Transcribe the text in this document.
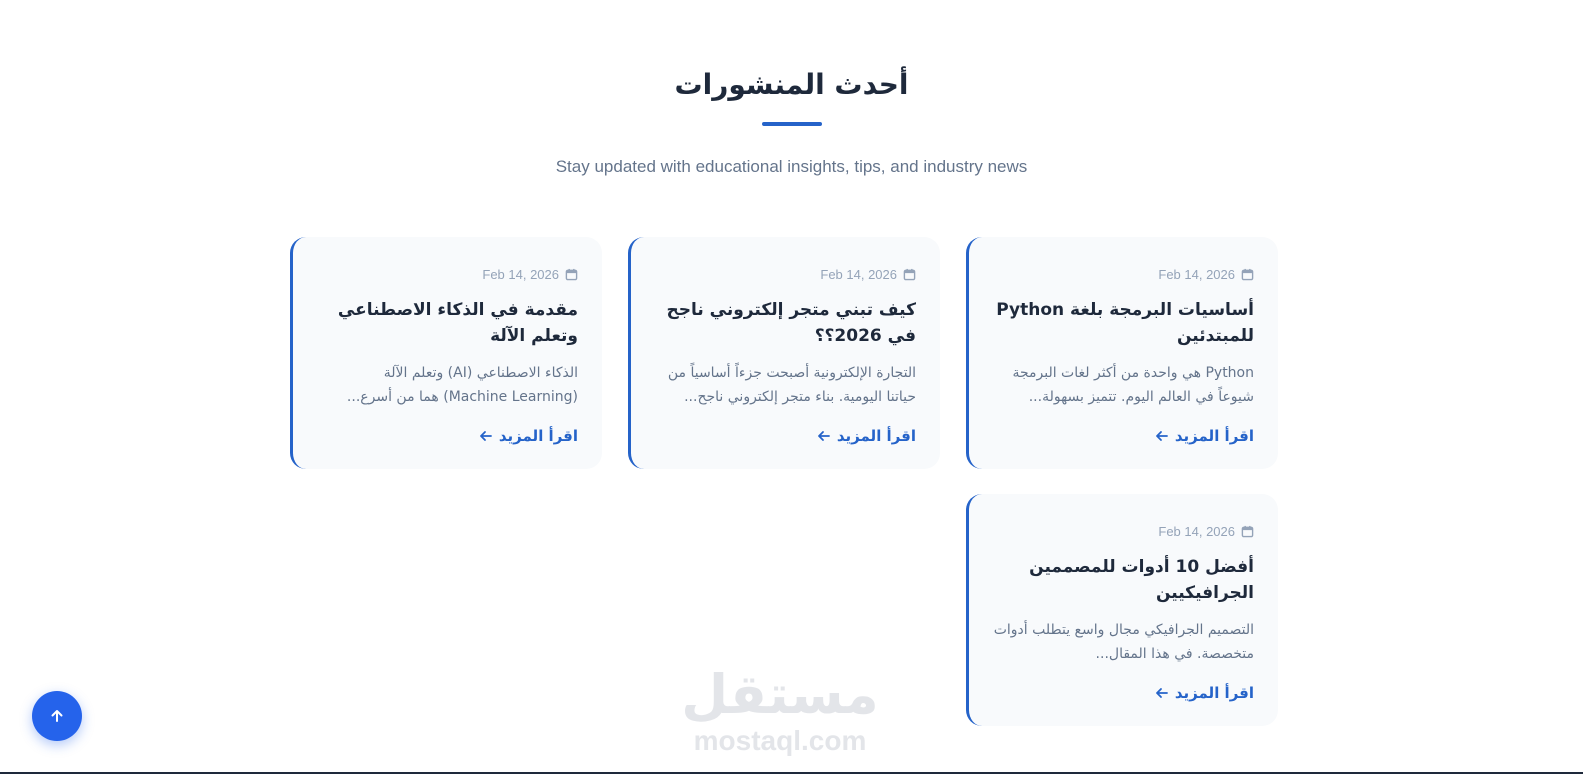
أحدث المنشورات
Stay updated with educational insights, tips, and industry news
Feb 14, 2026
أساسيات البرمجة بلغة Python للمبتدئين
Python هي واحدة من أكثر لغات البرمجة شيوعاً في العالم اليوم. تتميز بسهولة...
اقرأ المزيد
Feb 14, 2026
كيف تبني متجر إلكتروني ناجح في 2026؟؟
التجارة الإلكترونية أصبحت جزءاً أساسياً من حياتنا اليومية. بناء متجر إلكتروني ناجح...
اقرأ المزيد
Feb 14, 2026
مقدمة في الذكاء الاصطناعي وتعلم الآلة
الذكاء الاصطناعي (AI) وتعلم الآلة (Machine Learning) هما من أسرع...
اقرأ المزيد
Feb 14, 2026
أفضل 10 أدوات للمصممين الجرافيكيين
التصميم الجرافيكي مجال واسع يتطلب أدوات متخصصة. في هذا المقال...
اقرأ المزيد
مستقل
mostaql.com
